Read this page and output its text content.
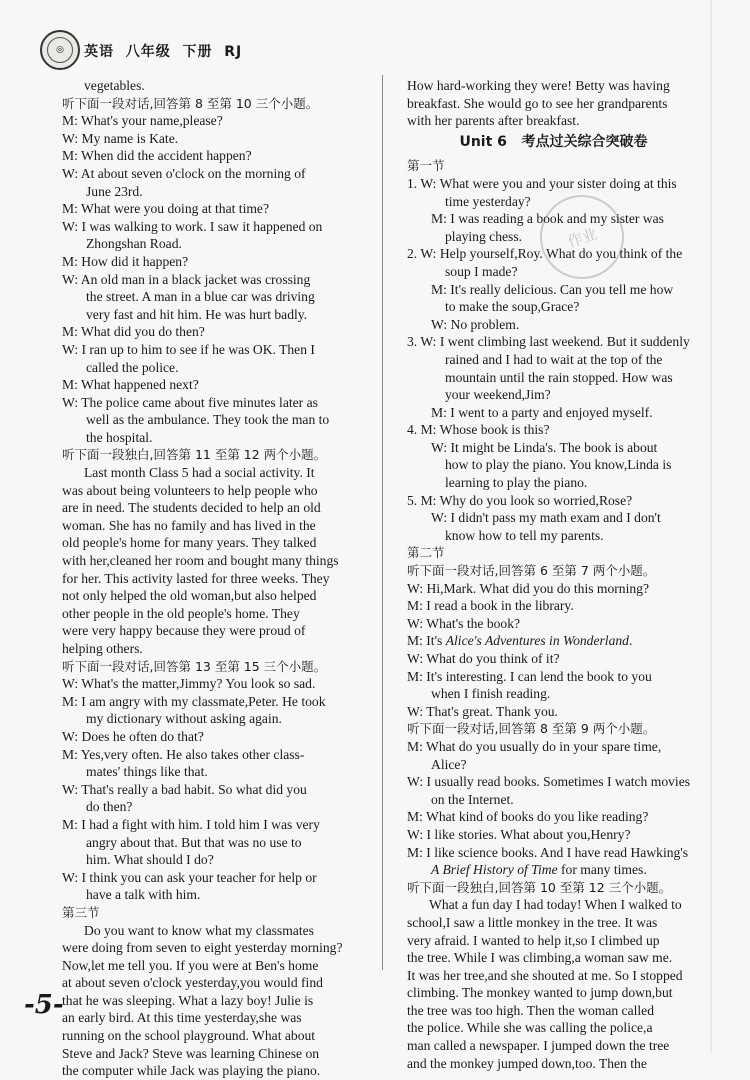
◎	英语  八年级  下册  RJ
作业
vegetables.
听下面一段对话,回答第 8 至第 10 三个小题。
M: What's your name,please?
W: My name is Kate.
M: When did the accident happen?
W: At about seven o'clock on the morning of
June 23rd.
M: What were you doing at that time?
W: I was walking to work. I saw it happened on
Zhongshan Road.
M: How did it happen?
W: An old man in a black jacket was crossing
the street. A man in a blue car was driving
very fast and hit him. He was hurt badly.
M: What did you do then?
W: I ran up to him to see if he was OK. Then I
called the police.
M: What happened next?
W: The police came about five minutes later as
well as the ambulance. They took the man to
the hospital.
听下面一段独白,回答第 11 至第 12 两个小题。
Last month Class 5 had a social activity. It
was about being volunteers to help people who
are in need. The students decided to help an old
woman. She has no family and has lived in the
old people's home for many years. They talked
with her,cleaned her room and bought many things
for her. This activity lasted for three weeks. They
not only helped the old woman,but also helped
other people in the old people's home. They
were very happy because they were proud of
helping others.
听下面一段对话,回答第 13 至第 15 三个小题。
W: What's the matter,Jimmy? You look so sad.
M: I am angry with my classmate,Peter. He took
my dictionary without asking again.
W: Does he often do that?
M: Yes,very often. He also takes other class-
mates' things like that.
W: That's really a bad habit. So what did you
do then?
M: I had a fight with him. I told him I was very
angry about that. But that was no use to
him. What should I do?
W: I think you can ask your teacher for help or
have a talk with him.
第三节
Do you want to know what my classmates
were doing from seven to eight yesterday morning?
Now,let me tell you. If you were at Ben's home
at about seven o'clock yesterday,you would find
that he was sleeping. What a lazy boy! Julie is
an early bird. At this time yesterday,she was
running on the school playground. What about
Steve and Jack? Steve was learning Chinese on
the computer while Jack was playing the piano.
How hard-working they were! Betty was having
breakfast. She would go to see her grandparents
with her parents after breakfast.
Unit 6   考点过关综合突破卷
第一节
1. W: What were you and your sister doing at this
time yesterday?
M: I was reading a book and my sister was
playing chess.
2. W: Help yourself,Roy. What do you think of the
soup I made?
M: It's really delicious. Can you tell me how
to make the soup,Grace?
W: No problem.
3. W: I went climbing last weekend. But it suddenly
rained and I had to wait at the top of the
mountain until the rain stopped. How was
your weekend,Jim?
M: I went to a party and enjoyed myself.
4. M: Whose book is this?
W: It might be Linda's. The book is about
how to play the piano. You know,Linda is
learning to play the piano.
5. M: Why do you look so worried,Rose?
W: I didn't pass my math exam and I don't
know how to tell my parents.
第二节
听下面一段对话,回答第 6 至第 7 两个小题。
W: Hi,Mark. What did you do this morning?
M: I read a book in the library.
W: What's the book?
M: It's Alice's Adventures in Wonderland.
W: What do you think of it?
M: It's interesting. I can lend the book to you
when I finish reading.
W: That's great. Thank you.
听下面一段对话,回答第 8 至第 9 两个小题。
M: What do you usually do in your spare time,
Alice?
W: I usually read books. Sometimes I watch movies
on the Internet.
M: What kind of books do you like reading?
W: I like stories. What about you,Henry?
M: I like science books. And I have read Hawking's
A Brief History of Time for many times.
听下面一段独白,回答第 10 至第 12 三个小题。
What a fun day I had today! When I walked to
school,I saw a little monkey in the tree. It was
very afraid. I wanted to help it,so I climbed up
the tree. While I was climbing,a woman saw me.
It was her tree,and she shouted at me. So I stopped
climbing. The monkey wanted to jump down,but
the tree was too high. Then the woman called
the police. While she was calling the police,a
man called a newspaper. I jumped down the tree
and the monkey jumped down,too. Then the
-5-
